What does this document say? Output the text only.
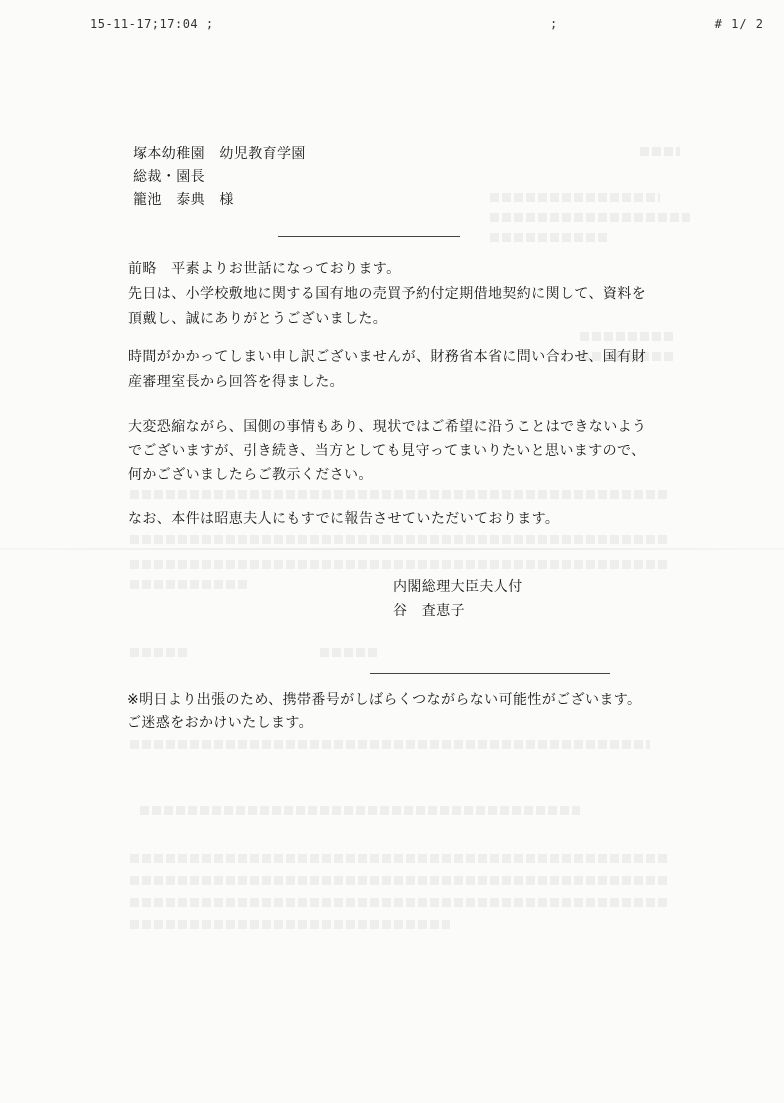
15-11-17;17:04 ;	;	# 1/ 2
塚本幼稚園　幼児教育学園
総裁・園長
籠池　泰典　様
前略　平素よりお世話になっております。
先日は、小学校敷地に関する国有地の売買予約付定期借地契約に関して、資料を
頂戴し、誠にありがとうございました。
時間がかかってしまい申し訳ございませんが、財務省本省に問い合わせ、国有財
産審理室長から回答を得ました。
大変恐縮ながら、国側の事情もあり、現状ではご希望に沿うことはできないよう
でございますが、引き続き、当方としても見守ってまいりたいと思いますので、
何かございましたらご教示ください。
なお、本件は昭恵夫人にもすでに報告させていただいております。
内閣総理大臣夫人付
谷　査恵子
※明日より出張のため、携帯番号がしばらくつながらない可能性がございます。
ご迷惑をおかけいたします。
